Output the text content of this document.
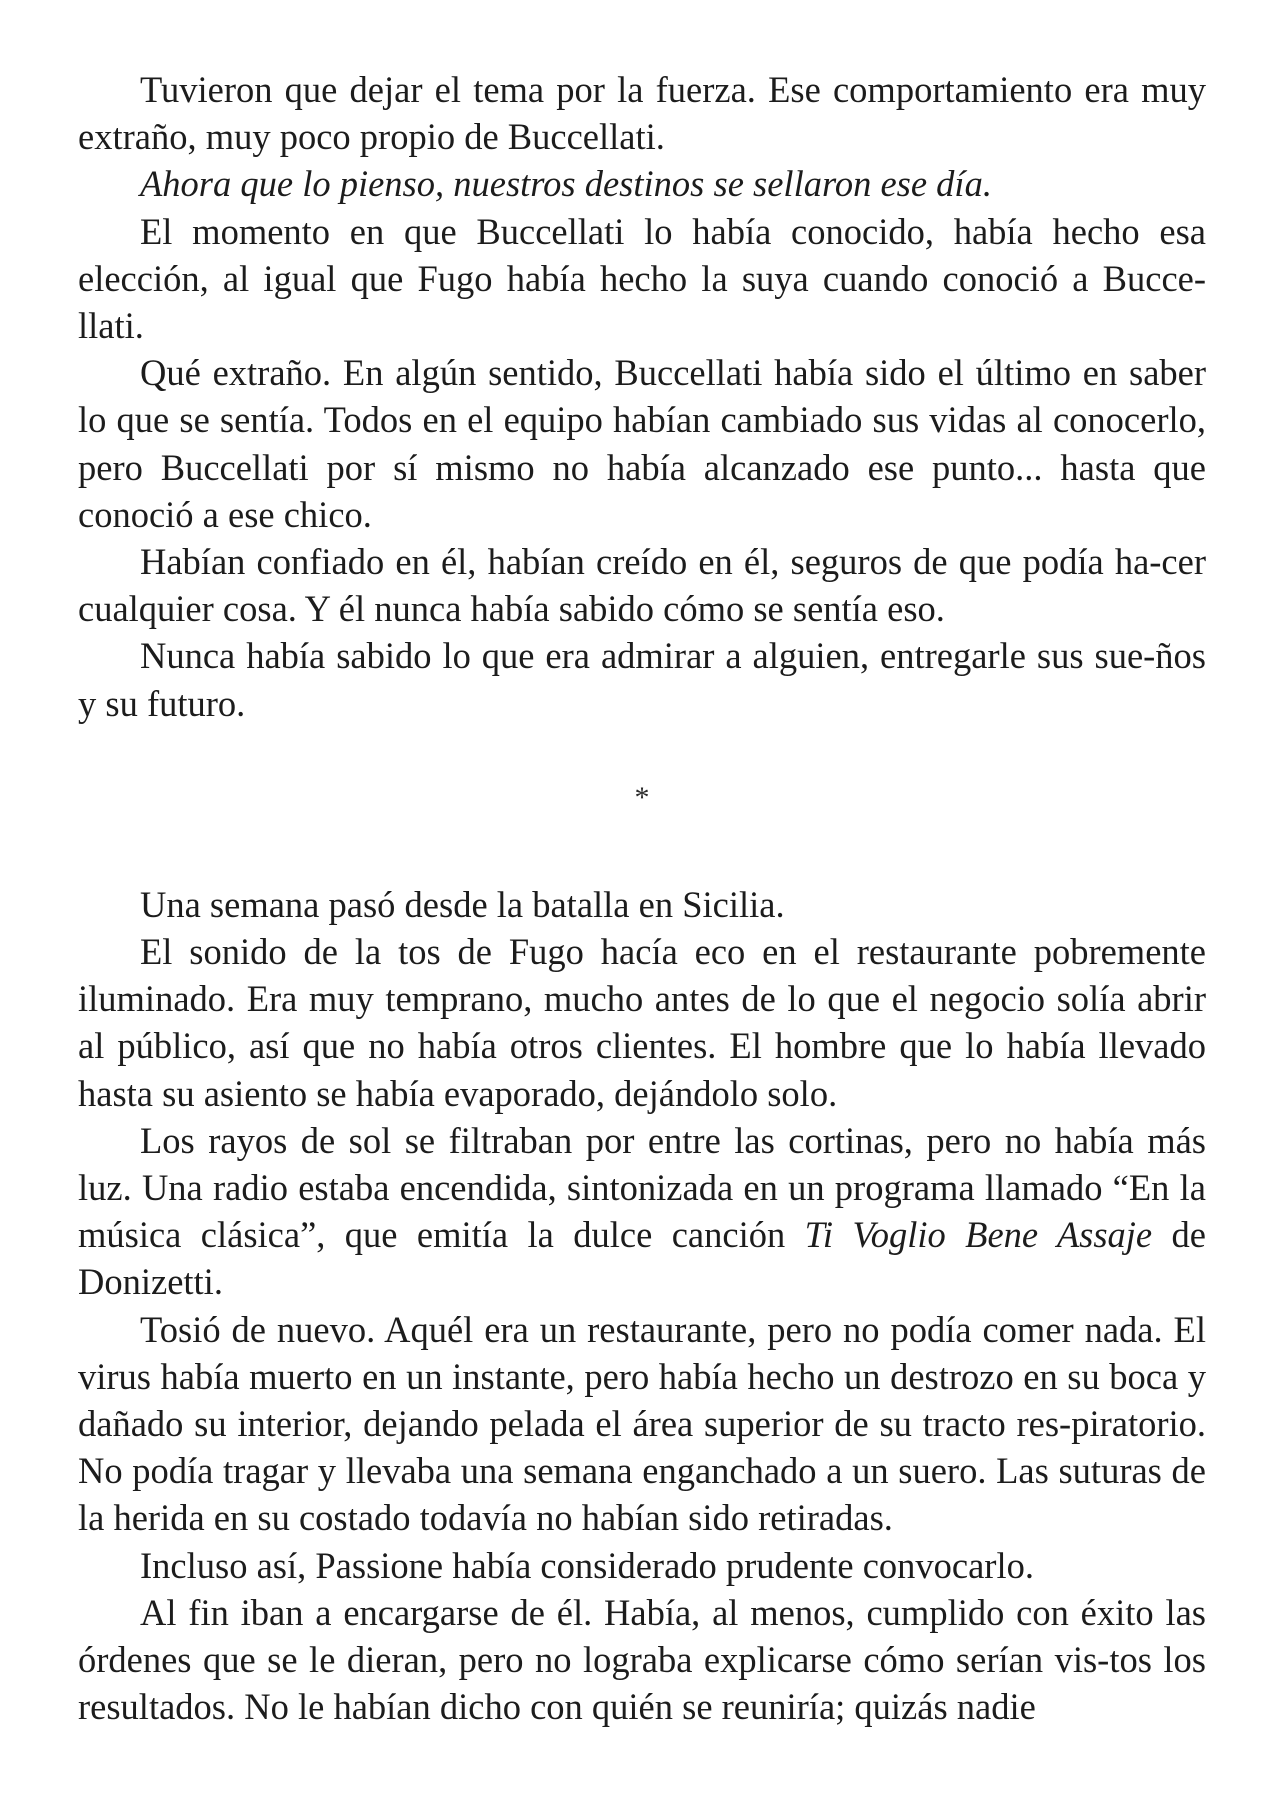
Tuvieron que dejar el tema por la fuerza. Ese comportamiento era muy extraño, muy poco propio de Buccellati.

Ahora que lo pienso, nuestros destinos se sellaron ese día.

El momento en que Buccellati lo había conocido, había hecho esa elección, al igual que Fugo había hecho la suya cuando conoció a Bucce-llati.

Qué extraño. En algún sentido, Buccellati había sido el último en saber lo que se sentía. Todos en el equipo habían cambiado sus vidas al conocerlo, pero Buccellati por sí mismo no había alcanzado ese punto... hasta que conoció a ese chico.

Habían confiado en él, habían creído en él, seguros de que podía ha-cer cualquier cosa. Y él nunca había sabido cómo se sentía eso.

Nunca había sabido lo que era admirar a alguien, entregarle sus sue-ños y su futuro.

*

Una semana pasó desde la batalla en Sicilia.

El sonido de la tos de Fugo hacía eco en el restaurante pobremente iluminado. Era muy temprano, mucho antes de lo que el negocio solía abrir al público, así que no había otros clientes. El hombre que lo había llevado hasta su asiento se había evaporado, dejándolo solo.

Los rayos de sol se filtraban por entre las cortinas, pero no había más luz. Una radio estaba encendida, sintonizada en un programa llamado “En la música clásica”, que emitía la dulce canción Ti Voglio Bene Assaje de Donizetti.

Tosió de nuevo. Aquél era un restaurante, pero no podía comer nada. El virus había muerto en un instante, pero había hecho un destrozo en su boca y dañado su interior, dejando pelada el área superior de su tracto res-piratorio. No podía tragar y llevaba una semana enganchado a un suero. Las suturas de la herida en su costado todavía no habían sido retiradas.

Incluso así, Passione había considerado prudente convocarlo.

Al fin iban a encargarse de él. Había, al menos, cumplido con éxito las órdenes que se le dieran, pero no lograba explicarse cómo serían vis-tos los resultados. No le habían dicho con quién se reuniría; quizás nadie
